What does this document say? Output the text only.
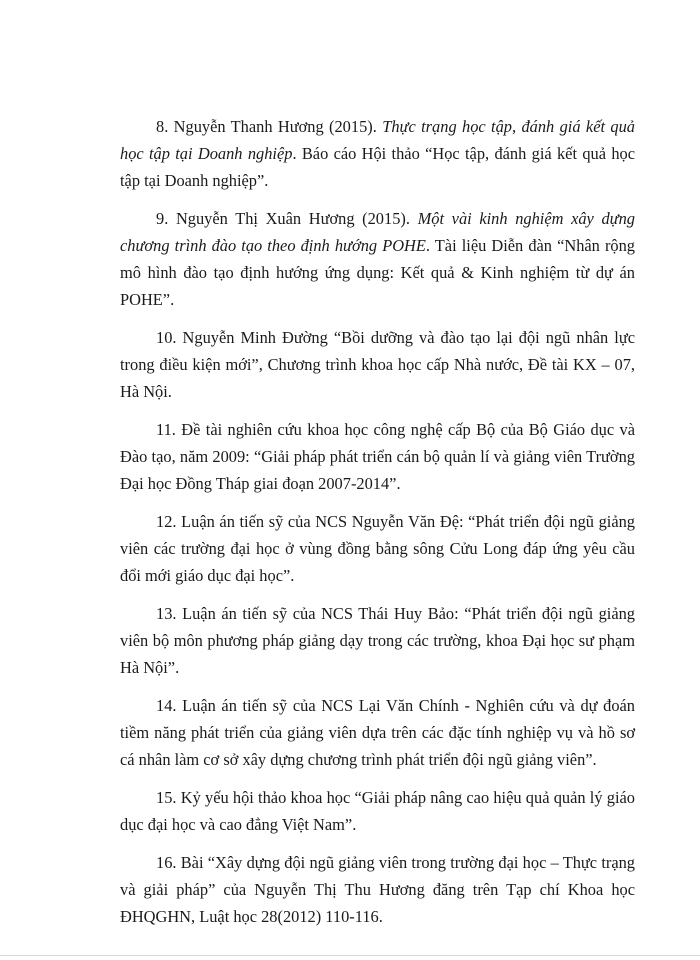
8. Nguyễn Thanh Hương (2015). Thực trạng học tập, đánh giá kết quả học tập tại Doanh nghiệp. Báo cáo Hội thảo “Học tập, đánh giá kết quả học tập tại Doanh nghiệp”.

9. Nguyễn Thị Xuân Hương (2015). Một vài kinh nghiệm xây dựng chương trình đào tạo theo định hướng POHE. Tài liệu Diễn đàn “Nhân rộng mô hình đào tạo định hướng ứng dụng: Kết quả & Kinh nghiệm từ dự án POHE”.

10. Nguyễn Minh Đường “Bồi dưỡng và đào tạo lại đội ngũ nhân lực trong điều kiện mới”, Chương trình khoa học cấp Nhà nước, Đề tài KX – 07, Hà Nội.

11. Đề tài nghiên cứu khoa học công nghệ cấp Bộ của Bộ Giáo dục và Đào tạo, năm 2009: “Giải pháp phát triển cán bộ quản lí và giảng viên Trường Đại học Đồng Tháp giai đoạn 2007-2014”.

12. Luận án tiến sỹ của NCS Nguyễn Văn Đệ: “Phát triển đội ngũ giảng viên các trường đại học ở vùng đồng bằng sông Cửu Long đáp ứng yêu cầu đổi mới giáo dục đại học”.

13. Luận án tiến sỹ của NCS Thái Huy Bảo: “Phát triển đội ngũ giảng viên bộ môn phương pháp giảng dạy trong các trường, khoa Đại học sư phạm Hà Nội”.

14. Luận án tiến sỹ của NCS Lại Văn Chính - Nghiên cứu và dự đoán tiềm năng phát triển của giảng viên dựa trên các đặc tính nghiệp vụ và hồ sơ cá nhân làm cơ sở xây dựng chương trình phát triển đội ngũ giảng viên”.

15. Kỷ yếu hội thảo khoa học “Giải pháp nâng cao hiệu quả quản lý giáo dục đại học và cao đẳng Việt Nam”.

16. Bài “Xây dựng đội ngũ giảng viên trong trường đại học – Thực trạng và giải pháp” của Nguyễn Thị Thu Hương đăng trên Tạp chí Khoa học ĐHQGHN, Luật học 28(2012) 110-116.
